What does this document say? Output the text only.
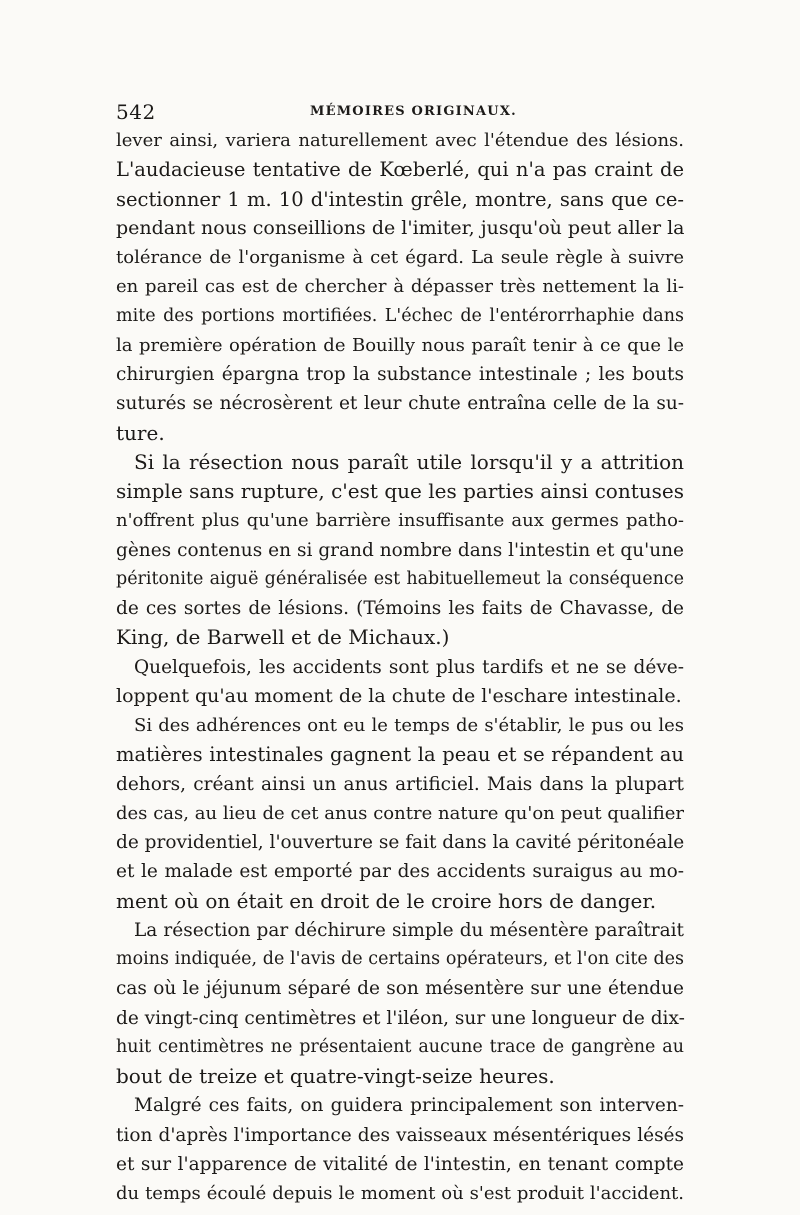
542	MÉMOIRES ORIGINAUX.
lever ainsi, variera naturellement avec l'étendue des lésions.
L'audacieuse tentative de Kœberlé, qui n'a pas craint de
sectionner 1 m. 10 d'intestin grêle, montre, sans que ce-
pendant nous conseillions de l'imiter, jusqu'où peut aller la
tolérance de l'organisme à cet égard. La seule règle à suivre
en pareil cas est de chercher à dépasser très nettement la li-
mite des portions mortifiées. L'échec de l'entérorrhaphie dans
la première opération de Bouilly nous paraît tenir à ce que le
chirurgien épargna trop la substance intestinale ; les bouts
suturés se nécrosèrent et leur chute entraîna celle de la su-
ture.
Si la résection nous paraît utile lorsqu'il y a attrition
simple sans rupture, c'est que les parties ainsi contuses
n'offrent plus qu'une barrière insuffisante aux germes patho-
gènes contenus en si grand nombre dans l'intestin et qu'une
péritonite aiguë généralisée est habituellemeut la conséquence
de ces sortes de lésions. (Témoins les faits de Chavasse, de
King, de Barwell et de Michaux.)
Quelquefois, les accidents sont plus tardifs et ne se déve-
loppent qu'au moment de la chute de l'eschare intestinale.
Si des adhérences ont eu le temps de s'établir, le pus ou les
matières intestinales gagnent la peau et se répandent au
dehors, créant ainsi un anus artificiel. Mais dans la plupart
des cas, au lieu de cet anus contre nature qu'on peut qualifier
de providentiel, l'ouverture se fait dans la cavité péritonéale
et le malade est emporté par des accidents suraigus au mo-
ment où on était en droit de le croire hors de danger.
La résection par déchirure simple du mésentère paraîtrait
moins indiquée, de l'avis de certains opérateurs, et l'on cite des
cas où le jéjunum séparé de son mésentère sur une étendue
de vingt-cinq centimètres et l'iléon, sur une longueur de dix-
huit centimètres ne présentaient aucune trace de gangrène au
bout de treize et quatre-vingt-seize heures.
Malgré ces faits, on guidera principalement son interven-
tion d'après l'importance des vaisseaux mésentériques lésés
et sur l'apparence de vitalité de l'intestin, en tenant compte
du temps écoulé depuis le moment où s'est produit l'accident.
